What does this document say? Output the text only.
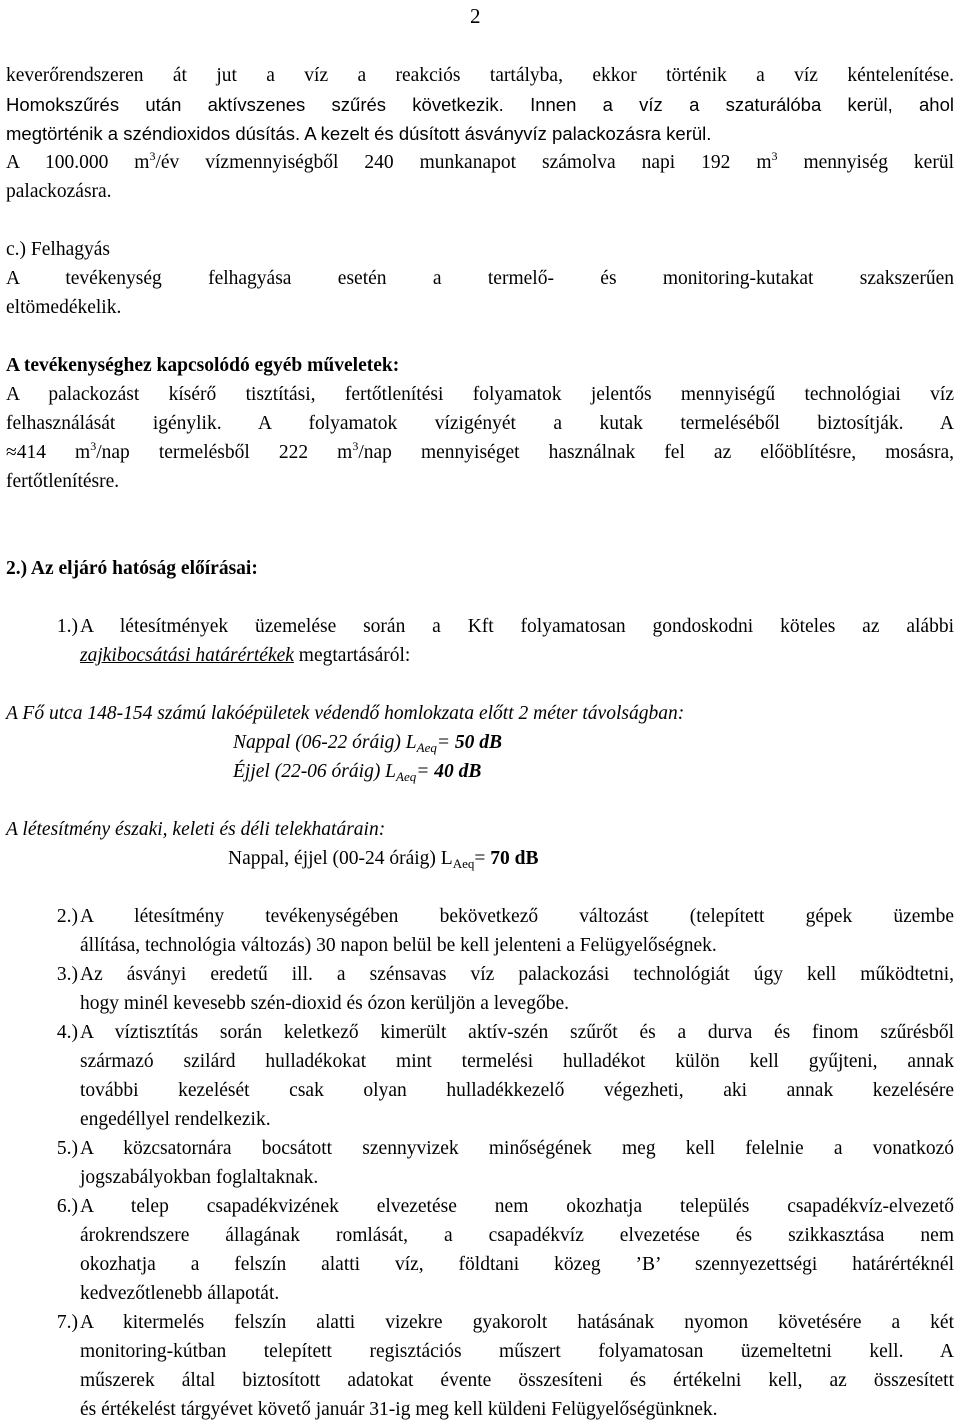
2

keverőrendszeren át jut a víz a reakciós tartályba, ekkor történik a víz kéntelenítése.

Homokszűrés után aktívszenes szűrés következik. Innen a víz a szaturálóba kerül, ahol

megtörténik a széndioxidos dúsítás. A kezelt és dúsított ásványvíz palackozásra kerül.

A 100.000 $m^3/év$ vízmennyiségből 240 munkanapot számolva napi 192 $m^3$ mennyiség kerül

palackozásra.

c.) Felhagyás

A tevékenység felhagyása esetén a termelő- és monitoring-kutakat szakszerűen

eltömedékelik.

A tevékenységhez kapcsolódó egyéb műveletek:

A palackozást kísérő tisztítási, fertőtlenítési folyamatok jelentős mennyiségű technológiai víz

felhasználását igénylik. A folyamatok vízigényét a kutak termeléséből biztosítják. A

≈414 $m^3$/nap termelésből 222 $m^3$/nap mennyiséget használnak fel az előöblítésre, mosásra,

fertőtlenítésre.

2.) Az eljáró hatóság előírásai:

1.) A létesítmények üzemelése során a Kft folyamatosan gondoskodni köteles az alábbi
zajkibocsátási határértékek megtartásáról:

A Fő utca 148-154 számú lakóépületek védendő homlokzata előtt 2 méter távolságban:

Nappal (06-22 óráig) $L_{Aeq}= 50$ dB

Éjjel (22-06 óráig) $L_{Aeq}= 40$ dB

A létesítmény északi, keleti és déli telekhatárain:

Nappal, éjjel (00-24 óráig) $L_{Aeq}= 70$ dB

2.) A létesítmény tevékenységében bekövetkező változást (telepített gépek üzembe
állítása, technológia változás) 30 napon belül be kell jelenteni a Felügyelőségnek.
3.) Az ásványi eredetű ill. a szénsavas víz palackozási technológiát úgy kell működtetni,
hogy minél kevesebb szén-dioxid és ózon kerüljön a levegőbe.
4.) A víztisztítás során keletkező kimerült aktív-szén szűrőt és a durva és finom szűrésből
származó szilárd hulladékokat mint termelési hulladékot külön kell gyűjteni, annak
további kezelését csak olyan hulladékkezelő végezheti, aki annak kezelésére
engedéllyel rendelkezik.
5.) A közcsatornára bocsátott szennyvizek minőségének meg kell felelnie a vonatkozó
jogszabályokban foglaltaknak.
6.) A telep csapadékvizének elvezetése nem okozhatja település csapadékvíz-elvezető
árokrendszere állagának romlását, a csapadékvíz elvezetése és szikkasztása nem
okozhatja a felszín alatti víz, földtani közeg ’B’ szennyezettségi határértéknél
kedvezőtlenebb állapotát.
7.) A kitermelés felszín alatti vizekre gyakorolt hatásának nyomon követésére a két
monitoring-kútban telepített regisztációs műszert folyamatosan üzemeltetni kell. A
műszerek által biztosított adatokat évente összesíteni és értékelni kell, az összesített
és értékelést tárgyévet követő január 31-ig meg kell küldeni Felügyelőségünknek.
